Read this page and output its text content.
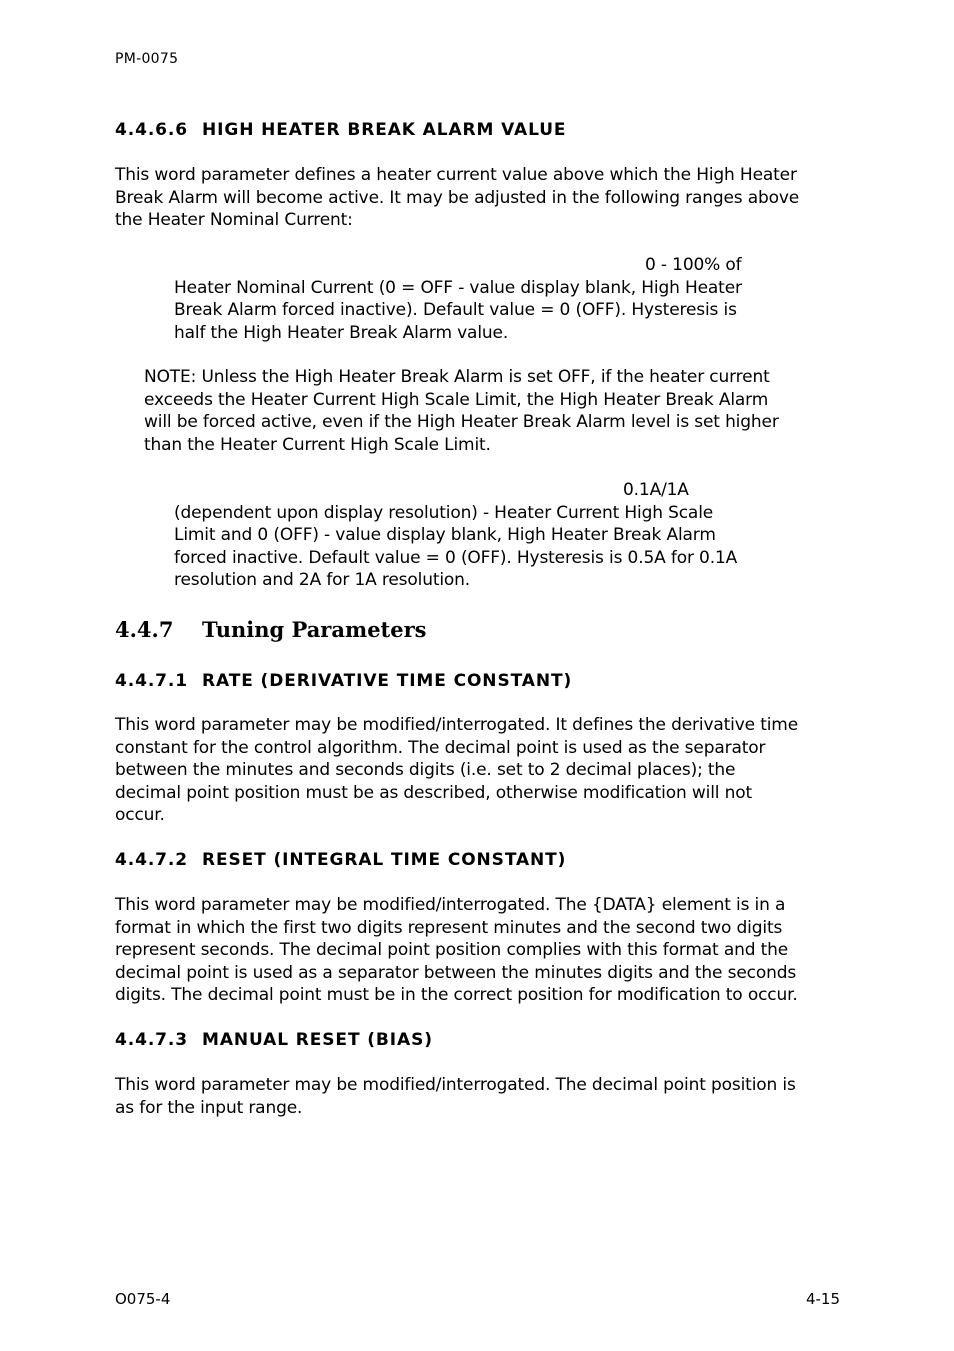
PM-0075
4.4.6.6 HIGH HEATER BREAK ALARM VALUE
This word parameter defines a heater current value above which the High Heater
Break Alarm will become active. It may be adjusted in the following ranges above
the Heater Nominal Current:
0 - 100% of
Heater Nominal Current (0 = OFF - value display blank, High Heater
Break Alarm forced inactive). Default value = 0 (OFF). Hysteresis is
half the High Heater Break Alarm value.
NOTE: Unless the High Heater Break Alarm is set OFF, if the heater current
exceeds the Heater Current High Scale Limit, the High Heater Break Alarm
will be forced active, even if the High Heater Break Alarm level is set higher
than the Heater Current High Scale Limit.
0.1A/1A
(dependent upon display resolution) - Heater Current High Scale
Limit and 0 (OFF) - value display blank, High Heater Break Alarm
forced inactive. Default value = 0 (OFF). Hysteresis is 0.5A for 0.1A
resolution and 2A for 1A resolution.
4.4.7 Tuning Parameters
4.4.7.1 RATE (DERIVATIVE TIME CONSTANT)
This word parameter may be modified/interrogated. It defines the derivative time
constant for the control algorithm. The decimal point is used as the separator
between the minutes and seconds digits (i.e. set to 2 decimal places); the
decimal point position must be as described, otherwise modification will not
occur.
4.4.7.2 RESET (INTEGRAL TIME CONSTANT)
This word parameter may be modified/interrogated. The {DATA} element is in a
format in which the first two digits represent minutes and the second two digits
represent seconds. The decimal point position complies with this format and the
decimal point is used as a separator between the minutes digits and the seconds
digits. The decimal point must be in the correct position for modification to occur.
4.4.7.3 MANUAL RESET (BIAS)
This word parameter may be modified/interrogated. The decimal point position is
as for the input range.
O075-4	4-15
